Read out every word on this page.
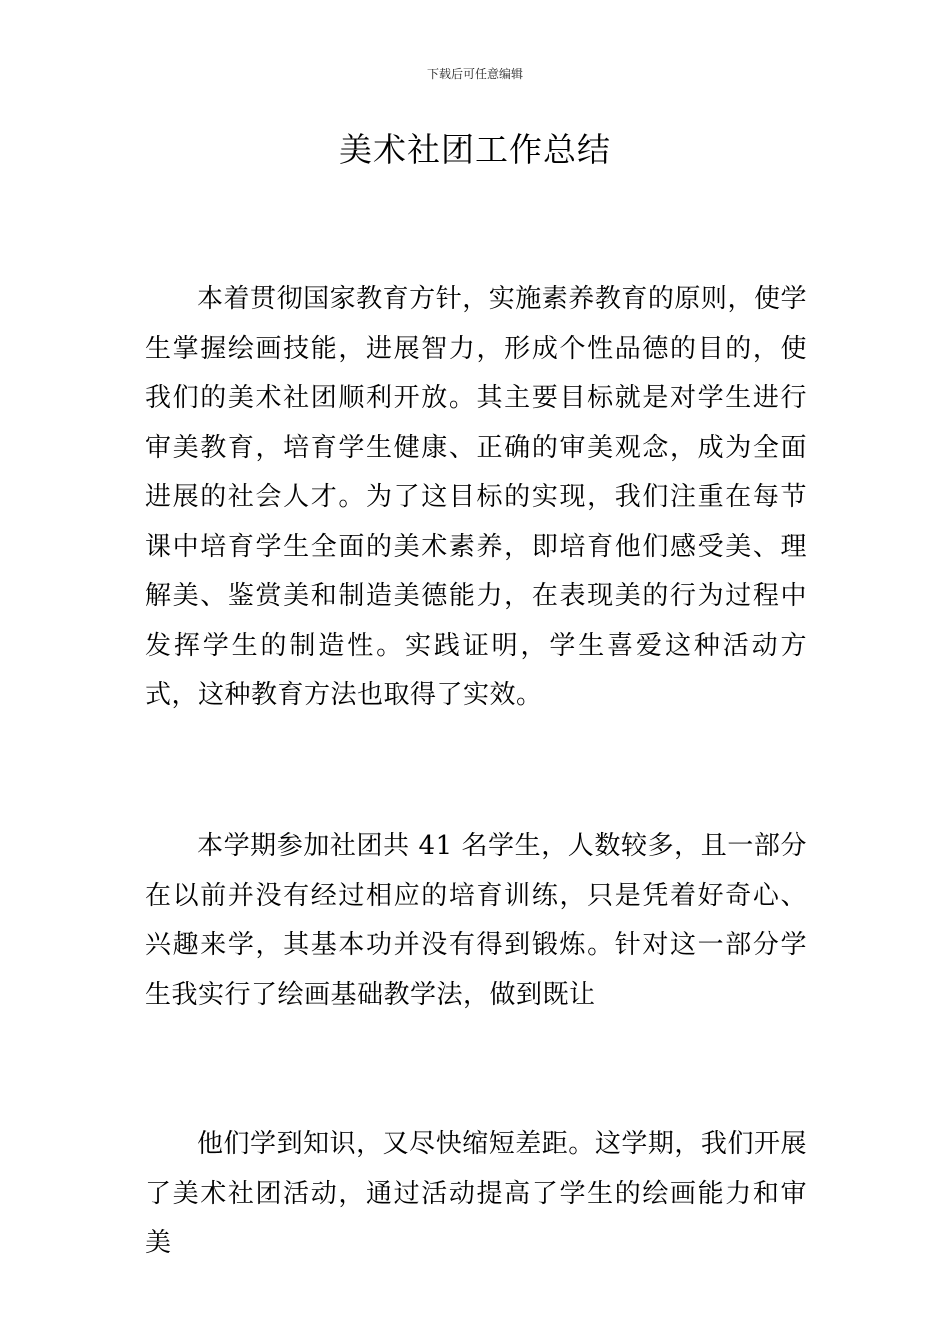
下载后可任意编辑
美术社团工作总结

本着贯彻国家教育方针，实施素养教育的原则，使学生掌握绘画技能，进展智力，形成个性品德的目的，使我们的美术社团顺利开放。其主要目标就是对学生进行审美教育，培育学生健康、正确的审美观念，成为全面进展的社会人才。为了这目标的实现，我们注重在每节课中培育学生全面的美术素养，即培育他们感受美、理解美、鉴赏美和制造美德能力，在表现美的行为过程中发挥学生的制造性。实践证明，学生喜爱这种活动方式，这种教育方法也取得了实效。

本学期参加社团共 41 名学生，人数较多，且一部分在以前并没有经过相应的培育训练，只是凭着好奇心、兴趣来学，其基本功并没有得到锻炼。针对这一部分学生我实行了绘画基础教学法，做到既让

他们学到知识，又尽快缩短差距。这学期，我们开展了美术社团活动，通过活动提高了学生的绘画能力和审美
